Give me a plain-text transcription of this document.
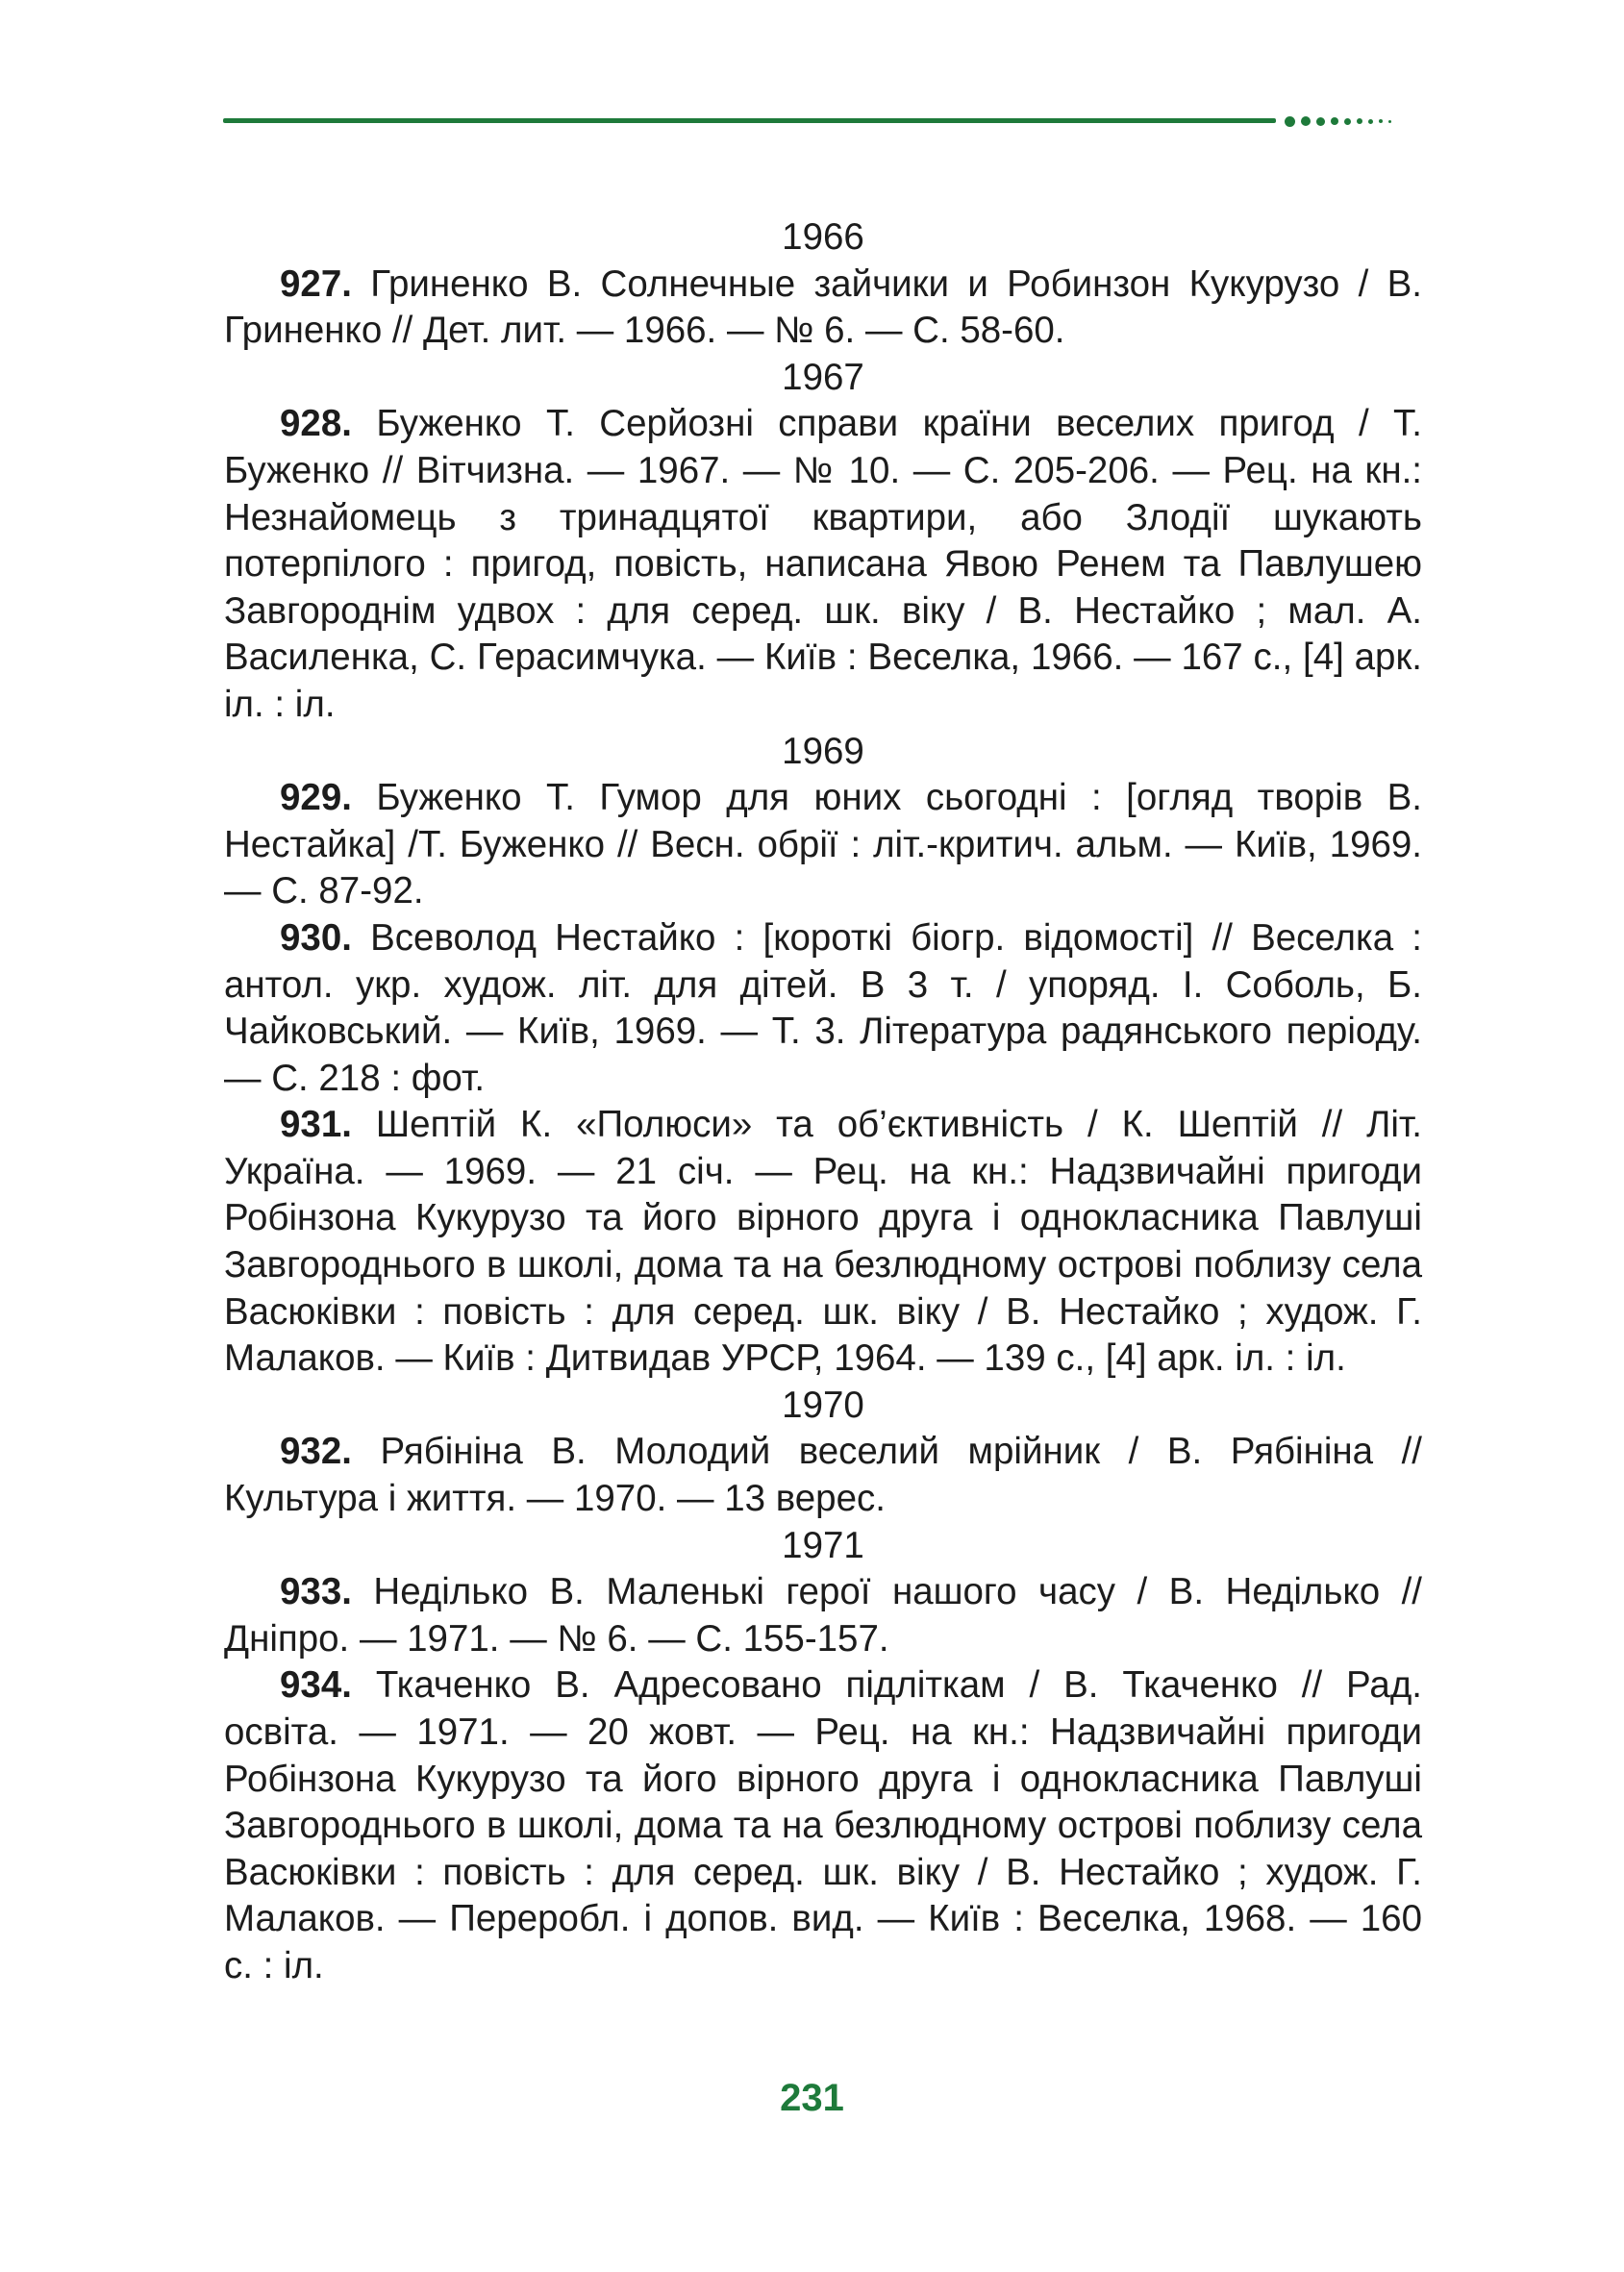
1966

927. Гриненко В. Солнечные зайчики и Робинзон Кукурузо / В. Гриненко // Дет. лит. — 1966. — № 6. — С. 58-60.

1967

928. Буженко Т. Серйозні справи країни веселих пригод / Т. Буженко // Вітчизна. — 1967. — № 10. — С. 205-206. — Рец. на кн.: Незнайомець з тринадцятої квартири, або Злодії шукають потерпілого : пригод, повість, написана Явою Ренем та Павлушею Завгороднім удвох : для серед. шк. віку / В. Нестайко ; мал. А. Василенка, С. Герасимчука. — Київ : Веселка, 1966. — 167 с., [4] арк. іл. : іл.

1969

929. Буженко Т. Гумор для юних сьогодні : [огляд творів В. Нестайка] /Т. Буженко // Весн. обрії : літ.-критич. альм. — Київ, 1969. — С. 87-92.

930. Всеволод Нестайко : [короткі біогр. відомості] // Веселка : антол. укр. худож. літ. для дітей. В 3 т. / упоряд. І. Соболь, Б. Чайковський. — Київ, 1969. — Т. 3. Література радянського періоду. — С. 218 : фот.

931. Шептій К. «Полюси» та об’єктивність / К. Шептій // Літ. Україна. — 1969. — 21 січ. — Рец. на кн.: Надзвичайні пригоди Робінзона Кукурузо та його вірного друга і однокласника Павлуші Завгороднього в школі, дома та на безлюдному острові поблизу села Васюківки : повість : для серед. шк. віку / В. Нестайко ; худож. Г. Малаков. — Київ : Дитвидав УРСР, 1964. — 139 с., [4] арк. іл. : іл.

1970

932. Рябініна В. Молодий веселий мрійник / В. Рябініна // Культура і життя. — 1970. — 13 верес.

1971

933. Неділько В. Маленькі герої нашого часу / В. Неділько // Дніпро. — 1971. — № 6. — С. 155-157.

934. Ткаченко В. Адресовано підліткам / В. Ткаченко // Рад. освіта. — 1971. — 20 жовт. — Рец. на кн.: Надзвичайні пригоди Робінзона Кукурузо та його вірного друга і однокласника Павлуші Завгороднього в школі, дома та на безлюдному острові поблизу села Васюківки : повість : для серед. шк. віку / В. Нестайко ; худож. Г. Малаков. — Переробл. і допов. вид. — Київ : Веселка, 1968. — 160 с. : іл.

231
